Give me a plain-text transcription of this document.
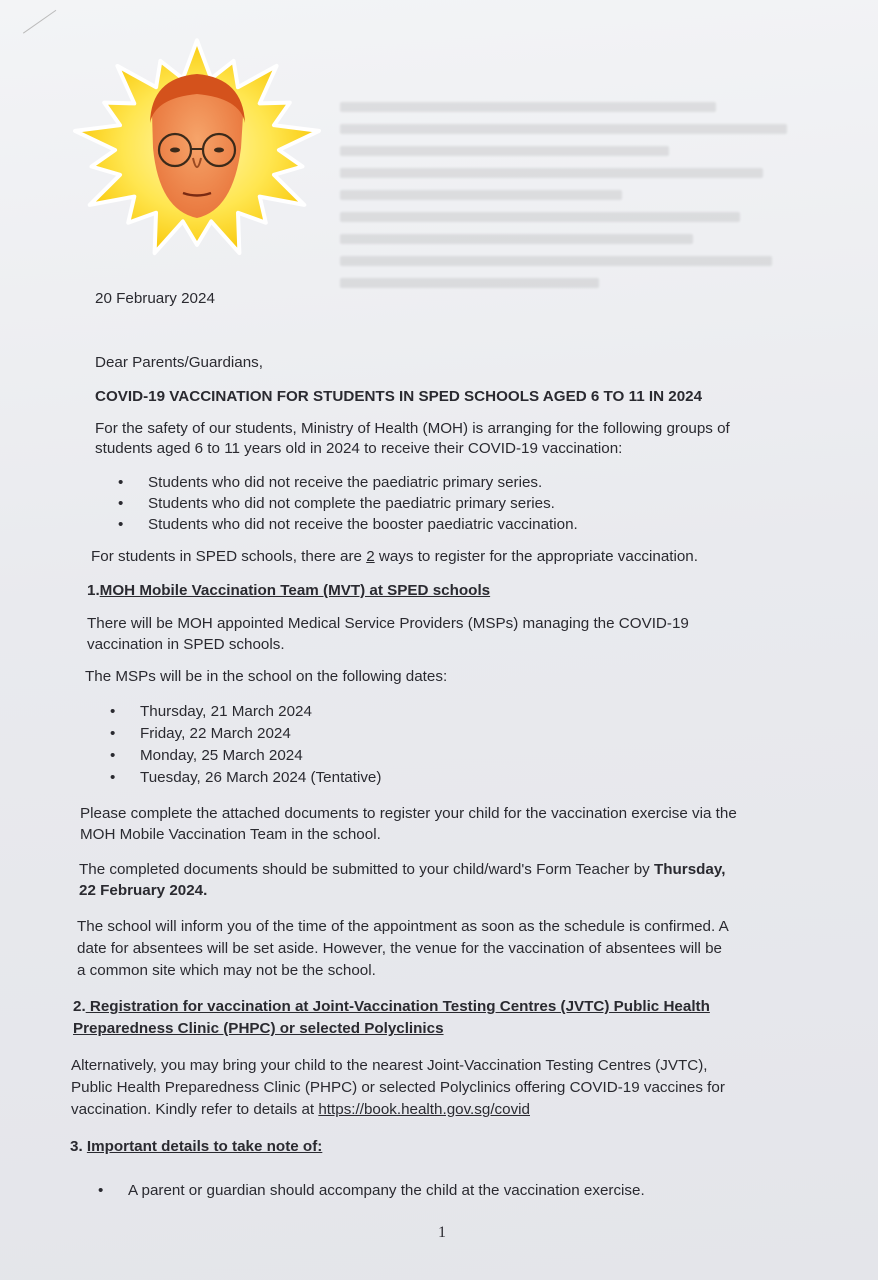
20 February 2024
Dear Parents/Guardians,
COVID-19 VACCINATION FOR STUDENTS IN SPED SCHOOLS AGED 6 TO 11 IN 2024
For the safety of our students, Ministry of Health (MOH) is arranging for the following groups of
students aged 6 to 11 years old in 2024 to receive their COVID-19 vaccination:
• Students who did not receive the paediatric primary series.
• Students who did not complete the paediatric primary series.
• Students who did not receive the booster paediatric vaccination.
For students in SPED schools, there are 2 ways to register for the appropriate vaccination.
1.MOH Mobile Vaccination Team (MVT) at SPED schools
There will be MOH appointed Medical Service Providers (MSPs) managing the COVID-19
vaccination in SPED schools.
The MSPs will be in the school on the following dates:
• Thursday, 21 March 2024
• Friday, 22 March 2024
• Monday, 25 March 2024
• Tuesday, 26 March 2024 (Tentative)
Please complete the attached documents to register your child for the vaccination exercise via the
MOH Mobile Vaccination Team in the school.
The completed documents should be submitted to your child/ward's Form Teacher by Thursday,
22 February 2024.
The school will inform you of the time of the appointment as soon as the schedule is confirmed. A
date for absentees will be set aside. However, the venue for the vaccination of absentees will be
a common site which may not be the school.
2. Registration for vaccination at Joint-Vaccination Testing Centres (JVTC) Public Health
Preparedness Clinic (PHPC) or selected Polyclinics
Alternatively, you may bring your child to the nearest Joint-Vaccination Testing Centres (JVTC),
Public Health Preparedness Clinic (PHPC) or selected Polyclinics offering COVID-19 vaccines for
vaccination. Kindly refer to details at https://book.health.gov.sg/covid
3. Important details to take note of:
• A parent or guardian should accompany the child at the vaccination exercise.
1
